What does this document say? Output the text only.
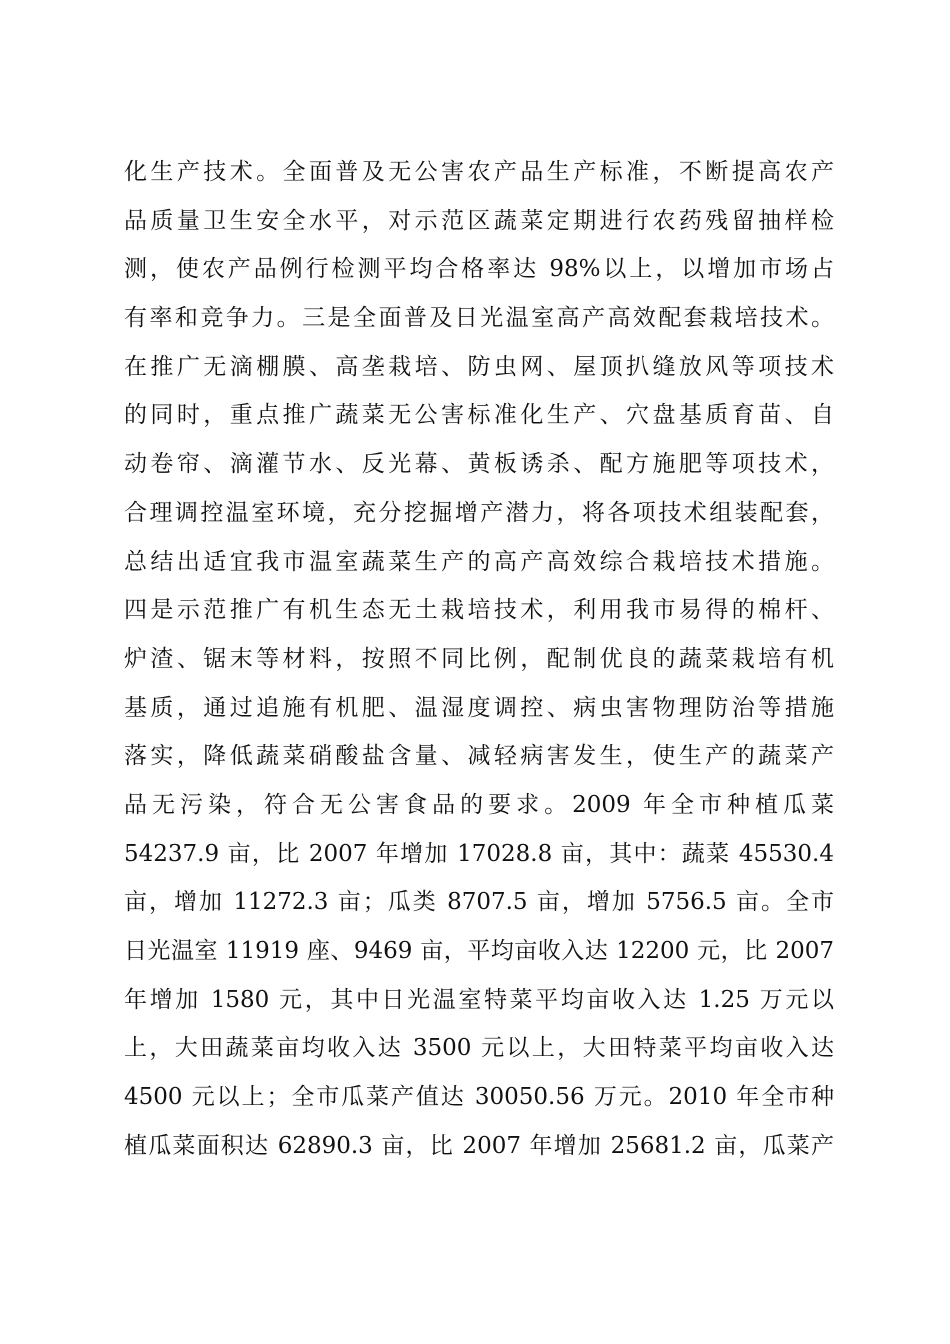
化生产技术。全面普及无公害农产品生产标准，不断提高农产
品质量卫生安全水平，对示范区蔬菜定期进行农药残留抽样检
测，使农产品例行检测平均合格率达 98%以上，以增加市场占
有率和竞争力。三是全面普及日光温室高产高效配套栽培技术。
在推广无滴棚膜、高垄栽培、防虫网、屋顶扒缝放风等项技术
的同时，重点推广蔬菜无公害标准化生产、穴盘基质育苗、自
动卷帘、滴灌节水、反光幕、黄板诱杀、配方施肥等项技术，
合理调控温室环境，充分挖掘增产潜力，将各项技术组装配套，
总结出适宜我市温室蔬菜生产的高产高效综合栽培技术措施。
四是示范推广有机生态无土栽培技术，利用我市易得的棉杆、
炉渣、锯末等材料，按照不同比例，配制优良的蔬菜栽培有机
基质，通过追施有机肥、温湿度调控、病虫害物理防治等措施
落实，降低蔬菜硝酸盐含量、减轻病害发生，使生产的蔬菜产
品无污染，符合无公害食品的要求。2009 年全市种植瓜菜
54237.9 亩，比 2007 年增加 17028.8 亩，其中：蔬菜 45530.4
亩，增加 11272.3 亩；瓜类 8707.5 亩，增加 5756.5 亩。全市
日光温室 11919 座、9469 亩，平均亩收入达 12200 元，比 2007
年增加 1580 元，其中日光温室特菜平均亩收入达 1.25 万元以
上，大田蔬菜亩均收入达 3500 元以上，大田特菜平均亩收入达
4500 元以上；全市瓜菜产值达 30050.56 万元。2010 年全市种
植瓜菜面积达 62890.3 亩，比 2007 年增加 25681.2 亩，瓜菜产
